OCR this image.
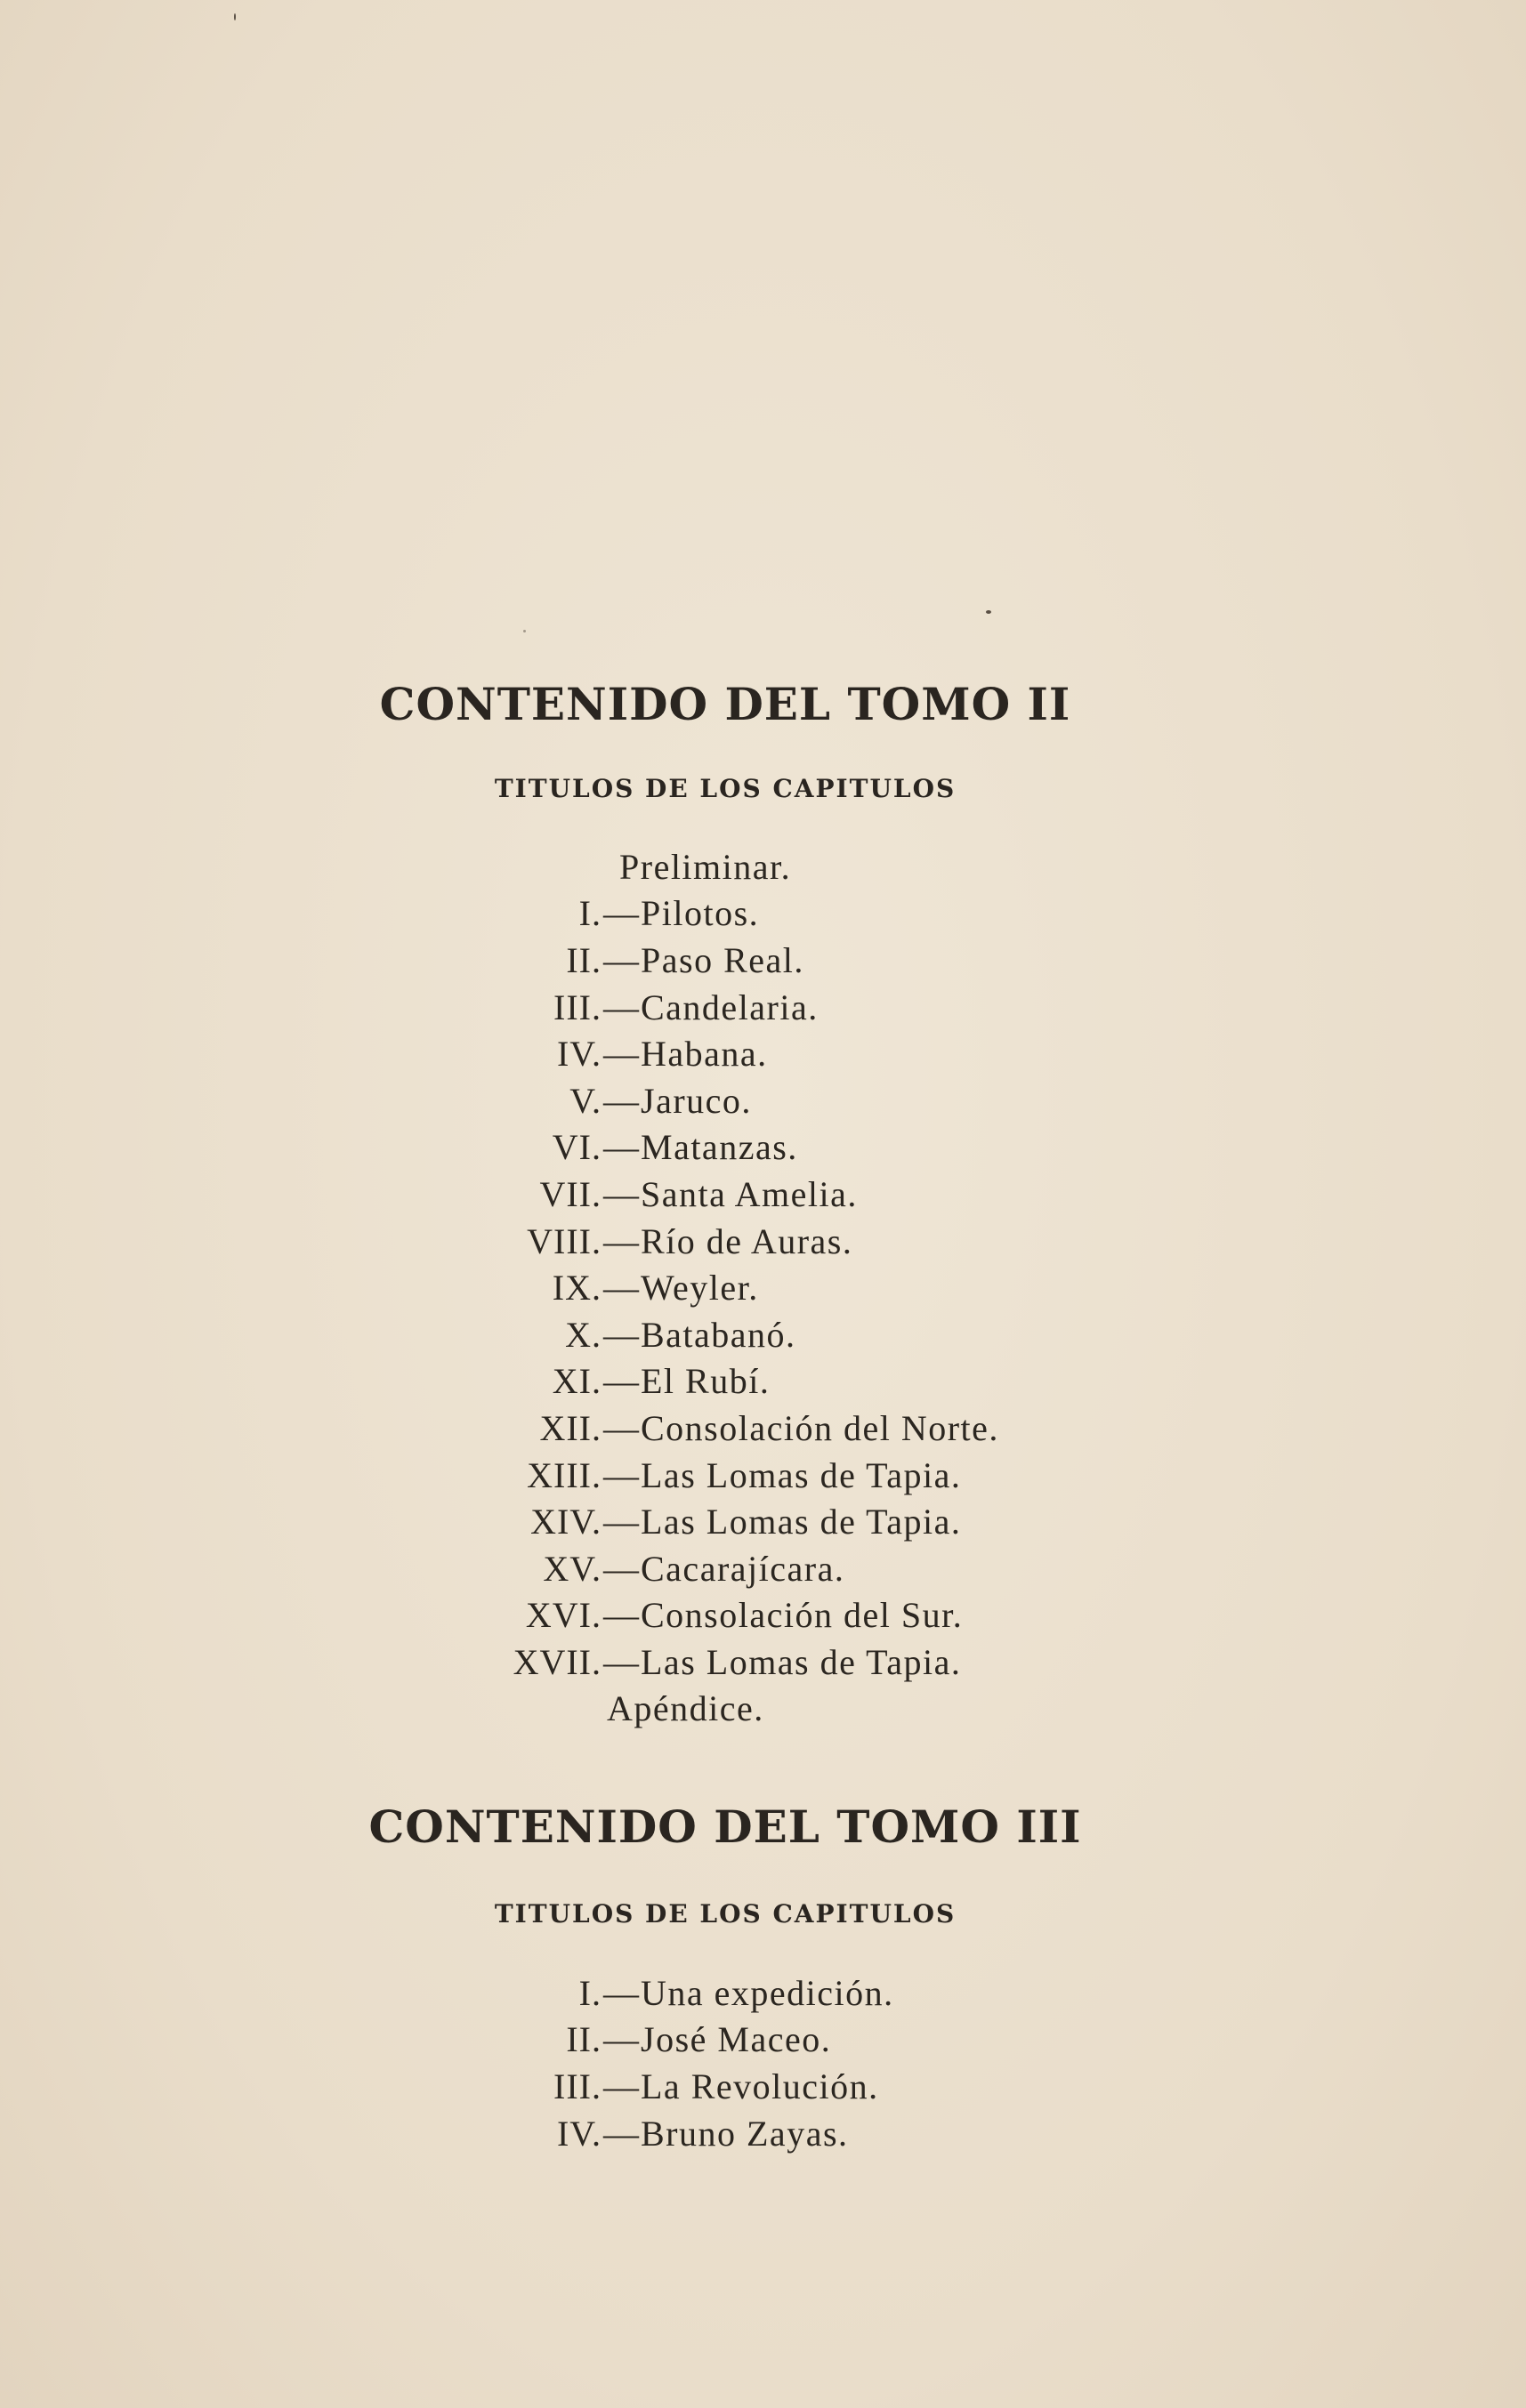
CONTENIDO DEL TOMO II
TITULOS DE LOS CAPITULOS
Preliminar.
I. — Pilotos.
II. — Paso Real.
III. — Candelaria.
IV. — Habana.
V. — Jaruco.
VI. — Matanzas.
VII. — Santa Amelia.
VIII. — Río de Auras.
IX. — Weyler.
X. — Batabanó.
XI. — El Rubí.
XII. — Consolación del Norte.
XIII. — Las Lomas de Tapia.
XIV. — Las Lomas de Tapia.
XV. — Cacarajícara.
XVI. — Consolación del Sur.
XVII. — Las Lomas de Tapia.
Apéndice.
CONTENIDO DEL TOMO III
TITULOS DE LOS CAPITULOS
I. — Una expedición.
II. — José Maceo.
III. — La Revolución.
IV. — Bruno Zayas.
